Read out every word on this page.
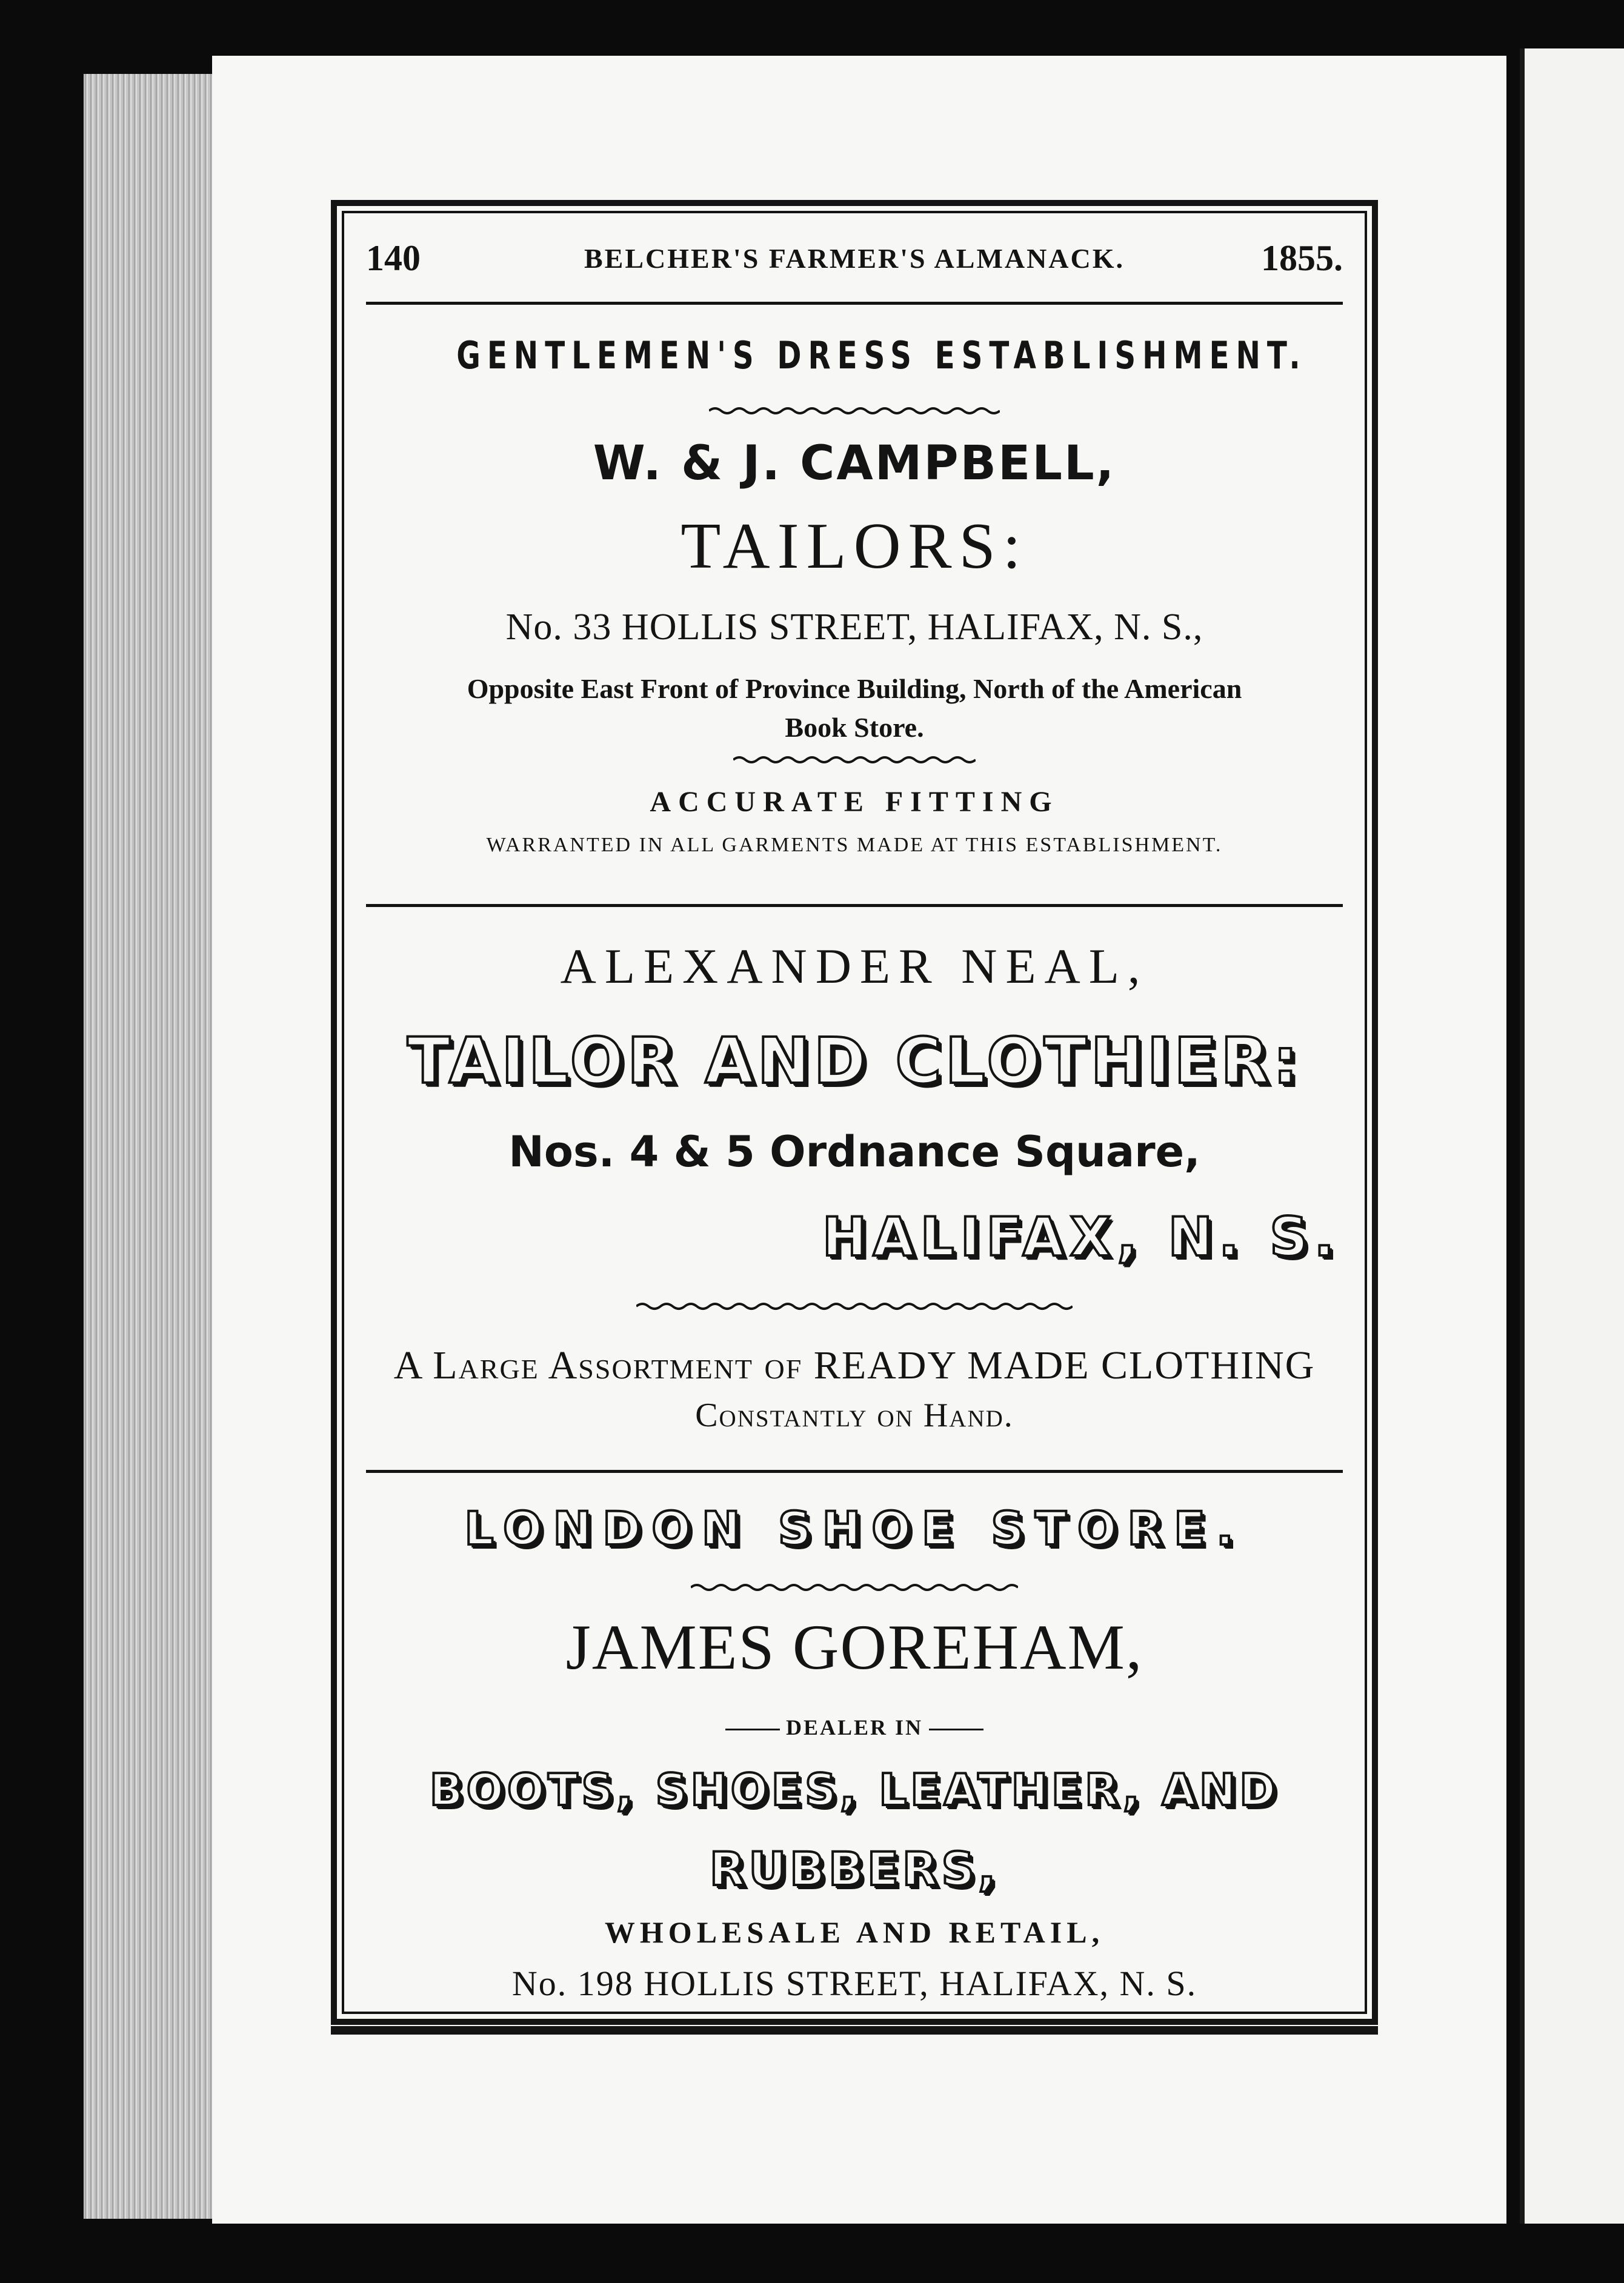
140	BELCHER'S FARMER'S ALMANACK.	1855.
GENTLEMEN'S DRESS ESTABLISHMENT.
W. & J. CAMPBELL,
TAILORS:
No. 33 HOLLIS STREET, HALIFAX, N. S.,
Opposite East Front of Province Building, North of the American
Book Store.
ACCURATE FITTING
WARRANTED IN ALL GARMENTS MADE AT THIS ESTABLISHMENT.
ALEXANDER NEAL,
TAILOR AND CLOTHIER:
Nos. 4 & 5 Ordnance Square,
HALIFAX, N. S.
A Large Assortment of READY MADE CLOTHING
Constantly on Hand.
LONDON SHOE STORE.
JAMES GOREHAM,
DEALER IN
BOOTS, SHOES, LEATHER, AND
RUBBERS,
WHOLESALE AND RETAIL,
No. 198 HOLLIS STREET, HALIFAX, N. S.
